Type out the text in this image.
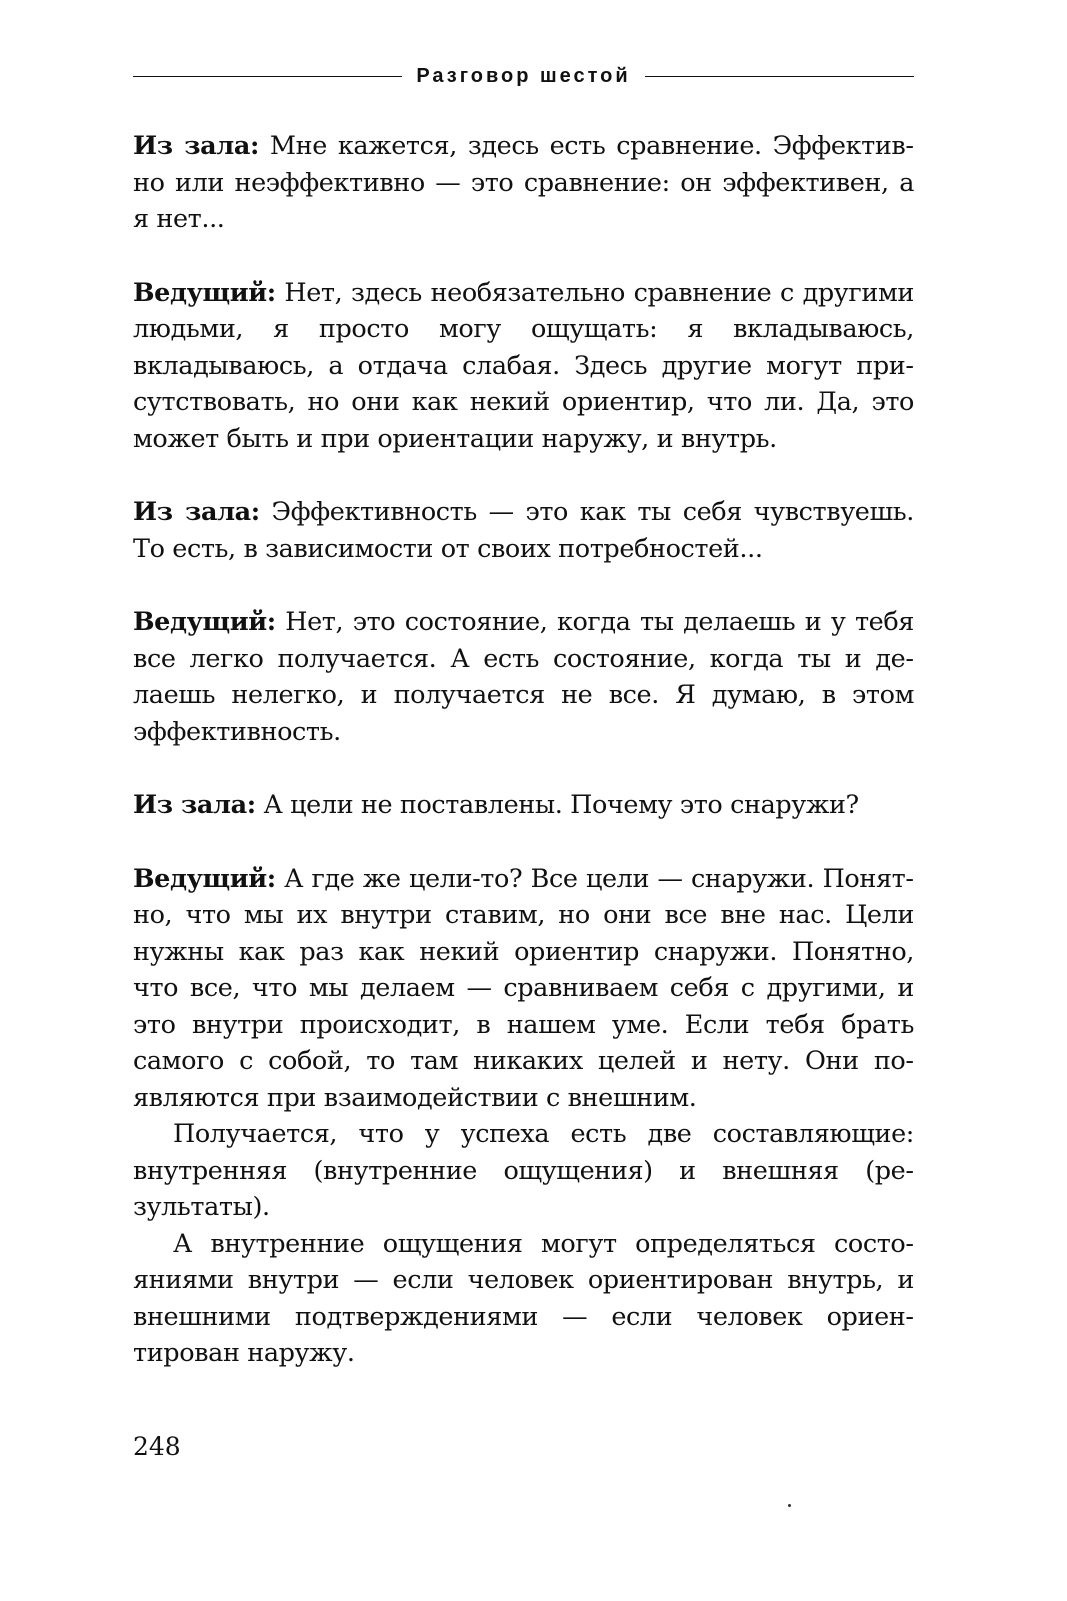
Разговор шестой

Из зала: Мне кажется, здесь есть сравнение. Эффективно или неэффективно — это сравнение: он эффективен, а я нет...

Ведущий: Нет, здесь необязательно сравнение с другими людьми, я просто могу ощущать: я вкладываюсь, вкладываюсь, а отдача слабая. Здесь другие могут присутствовать, но они как некий ориентир, что ли. Да, это может быть и при ориентации наружу, и внутрь.

Из зала: Эффективность — это как ты себя чувствуешь. То есть, в зависимости от своих потребностей...

Ведущий: Нет, это состояние, когда ты делаешь и у тебя все легко получается. А есть состояние, когда ты и делаешь нелегко, и получается не все. Я думаю, в этом эффективность.

Из зала: А цели не поставлены. Почему это снаружи?

Ведущий: А где же цели-то? Все цели — снаружи. Понятно, что мы их внутри ставим, но они все вне нас. Цели нужны как раз как некий ориентир снаружи. Понятно, что все, что мы делаем — сравниваем себя с другими, и это внутри происходит, в нашем уме. Если тебя брать самого с собой, то там никаких целей и нету. Они появляются при взаимодействии с внешним.

Получается, что у успеха есть две составляющие: внутренняя (внутренние ощущения) и внешняя (результаты).

А внутренние ощущения могут определяться состояниями внутри — если человек ориентирован внутрь, и внешними подтверждениями — если человек ориентирован наружу.

248
